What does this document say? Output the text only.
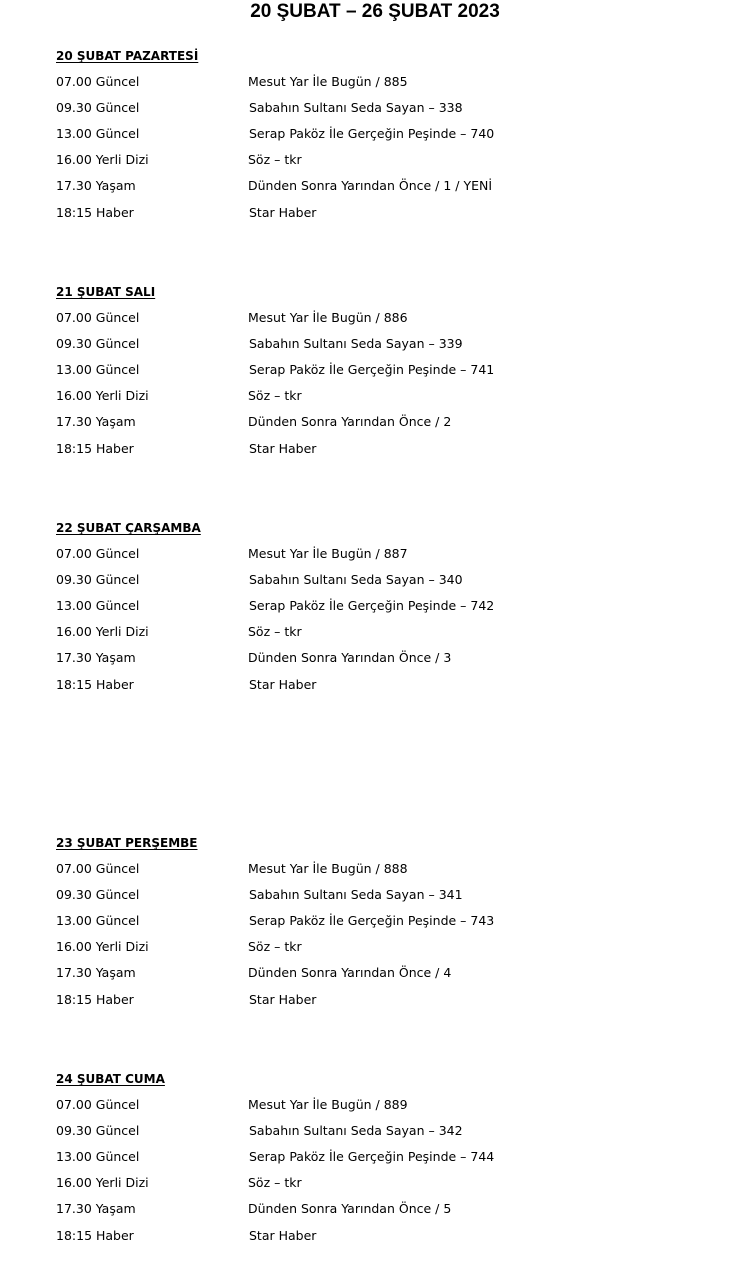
20 ŞUBAT – 26 ŞUBAT 2023
20 ŞUBAT PAZARTESİ
07.00 Güncel	Mesut Yar İle Bugün / 885
09.30 Güncel	Sabahın Sultanı Seda Sayan – 338
13.00 Güncel	Serap Paköz İle Gerçeğin Peşinde – 740
16.00 Yerli Dizi	Söz – tkr
17.30 Yaşam	Dünden Sonra Yarından Önce / 1 / YENİ
18:15 Haber	Star Haber
21 ŞUBAT SALI
07.00 Güncel	Mesut Yar İle Bugün / 886
09.30 Güncel	Sabahın Sultanı Seda Sayan – 339
13.00 Güncel	Serap Paköz İle Gerçeğin Peşinde – 741
16.00 Yerli Dizi	Söz – tkr
17.30 Yaşam	Dünden Sonra Yarından Önce / 2
18:15 Haber	Star Haber
22 ŞUBAT ÇARŞAMBA
07.00 Güncel	Mesut Yar İle Bugün / 887
09.30 Güncel	Sabahın Sultanı Seda Sayan – 340
13.00 Güncel	Serap Paköz İle Gerçeğin Peşinde – 742
16.00 Yerli Dizi	Söz – tkr
17.30 Yaşam	Dünden Sonra Yarından Önce / 3
18:15 Haber	Star Haber
23 ŞUBAT PERŞEMBE
07.00 Güncel	Mesut Yar İle Bugün / 888
09.30 Güncel	Sabahın Sultanı Seda Sayan – 341
13.00 Güncel	Serap Paköz İle Gerçeğin Peşinde – 743
16.00 Yerli Dizi	Söz – tkr
17.30 Yaşam	Dünden Sonra Yarından Önce / 4
18:15 Haber	Star Haber
24 ŞUBAT CUMA
07.00 Güncel	Mesut Yar İle Bugün / 889
09.30 Güncel	Sabahın Sultanı Seda Sayan – 342
13.00 Güncel	Serap Paköz İle Gerçeğin Peşinde – 744
16.00 Yerli Dizi	Söz – tkr
17.30 Yaşam	Dünden Sonra Yarından Önce / 5
18:15 Haber	Star Haber
